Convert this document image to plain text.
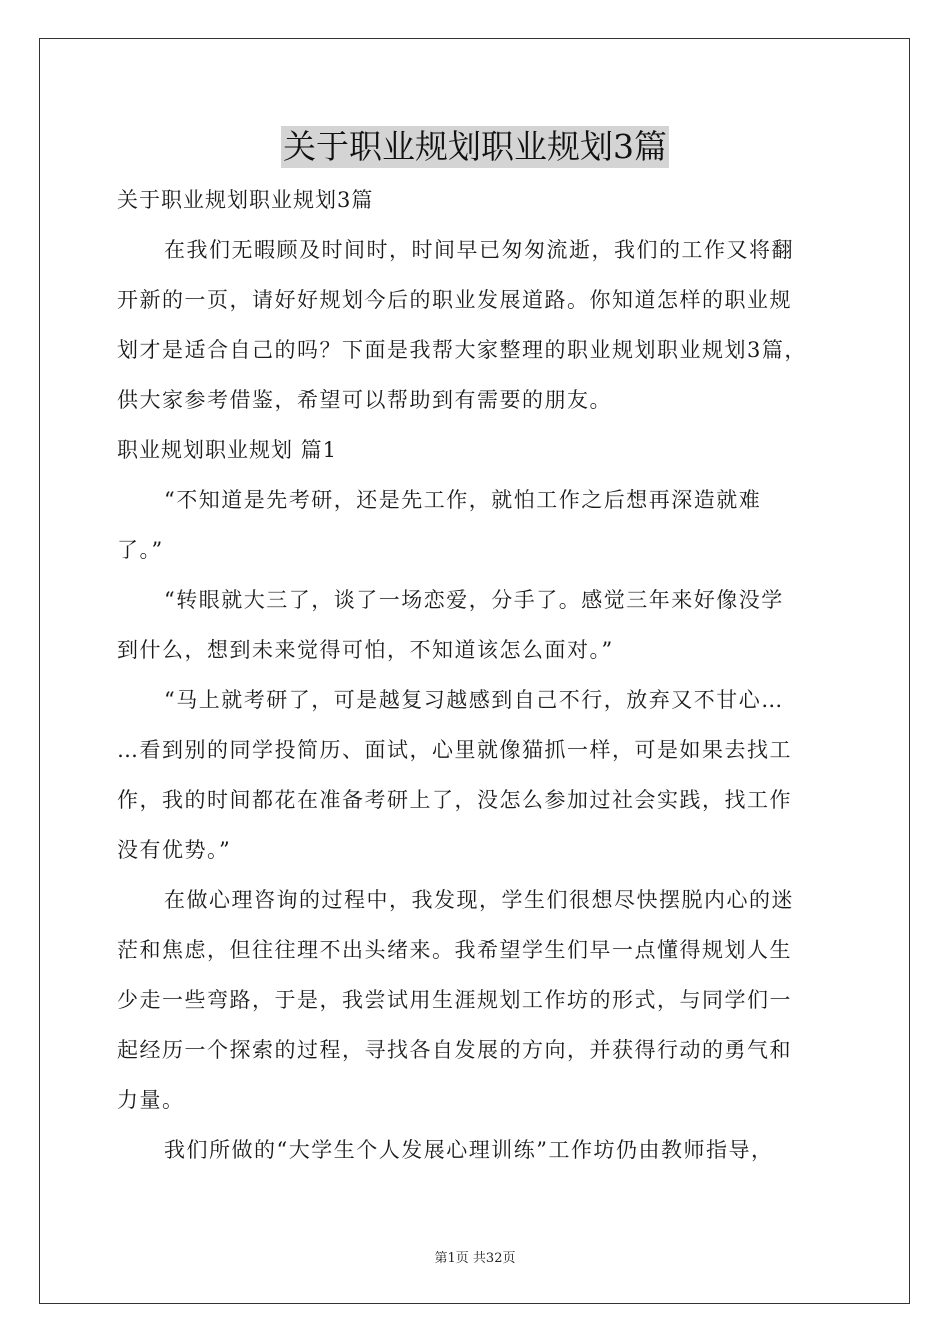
关于职业规划职业规划3篇
关于职业规划职业规划3篇
在我们无暇顾及时间时，时间早已匆匆流逝，我们的工作又将翻
开新的一页，请好好规划今后的职业发展道路。你知道怎样的职业规
划才是适合自己的吗？下面是我帮大家整理的职业规划职业规划3篇，
供大家参考借鉴，希望可以帮助到有需要的朋友。
职业规划职业规划 篇1
“不知道是先考研，还是先工作，就怕工作之后想再深造就难
了。”
“转眼就大三了，谈了一场恋爱，分手了。感觉三年来好像没学
到什么，想到未来觉得可怕，不知道该怎么面对。”
“马上就考研了，可是越复习越感到自己不行，放弃又不甘心…
…看到别的同学投简历、面试，心里就像猫抓一样，可是如果去找工
作，我的时间都花在准备考研上了，没怎么参加过社会实践，找工作
没有优势。”
在做心理咨询的过程中，我发现，学生们很想尽快摆脱内心的迷
茫和焦虑，但往往理不出头绪来。我希望学生们早一点懂得规划人生
少走一些弯路，于是，我尝试用生涯规划工作坊的形式，与同学们一
起经历一个探索的过程，寻找各自发展的方向，并获得行动的勇气和
力量。
我们所做的“大学生个人发展心理训练”工作坊仍由教师指导，
第1页 共32页
